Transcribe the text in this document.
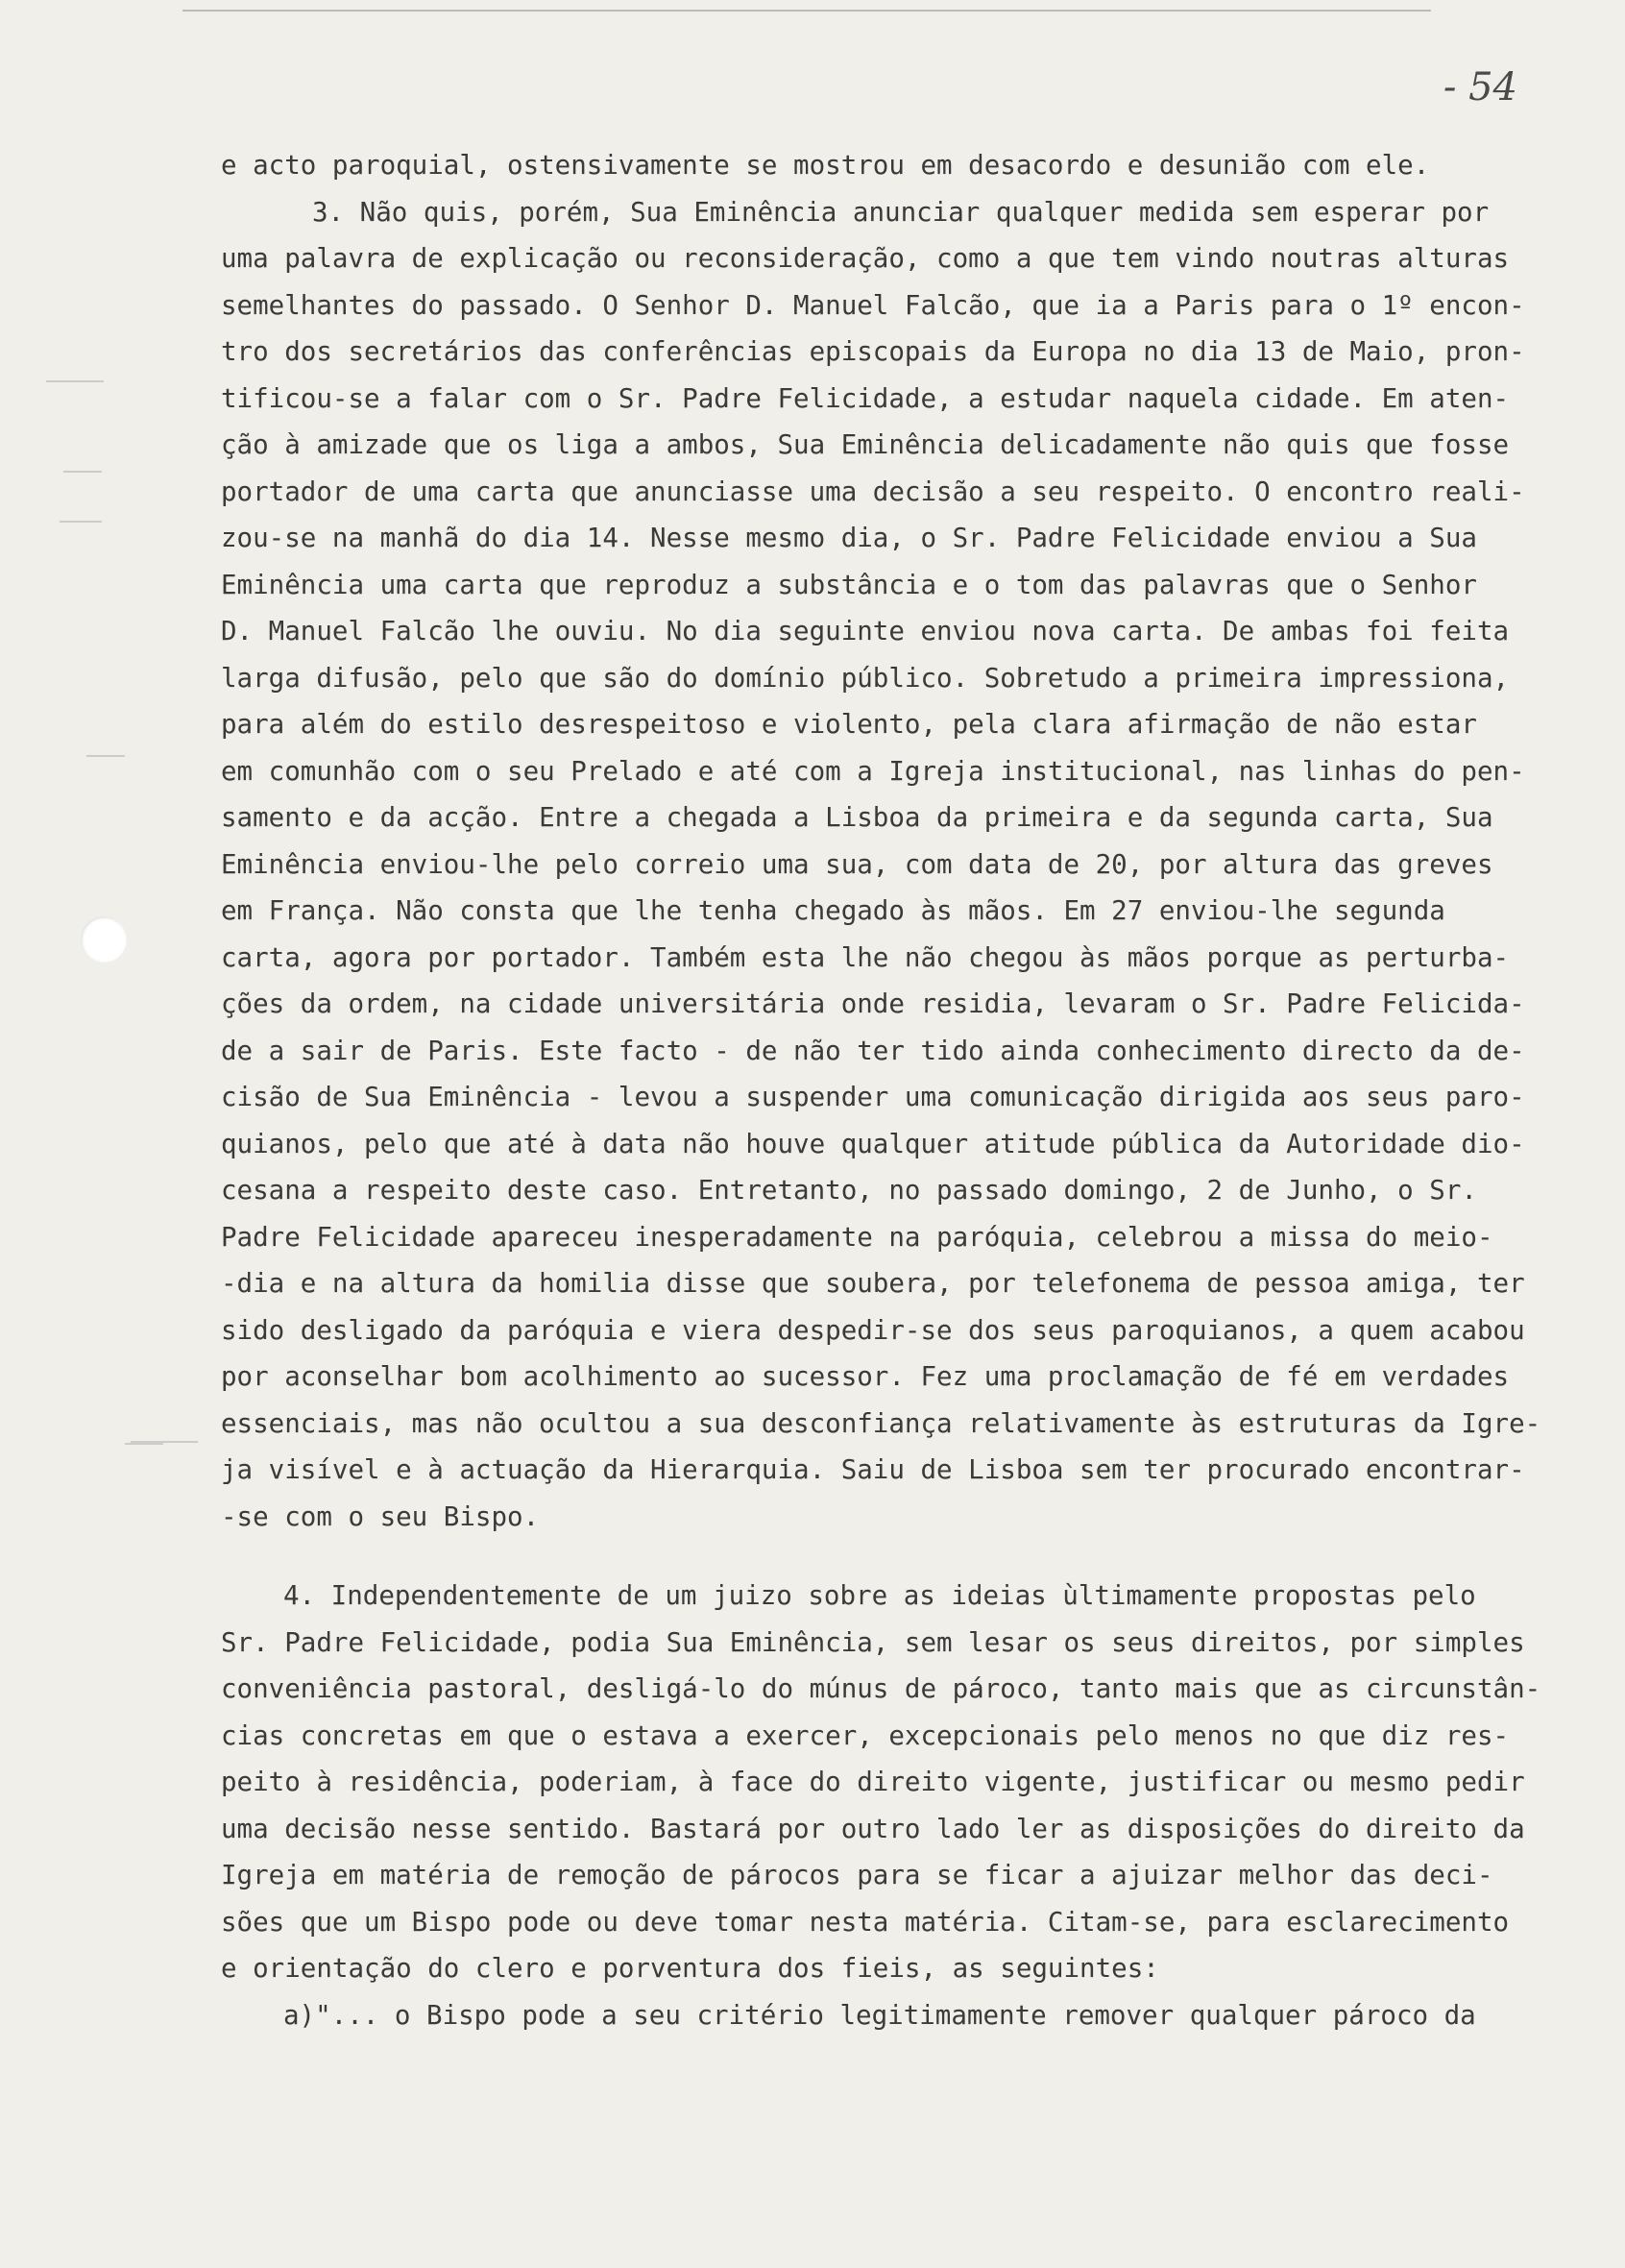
- 54
e acto paroquial, ostensivamente se mostrou em desacordo e desunião com ele.
3. Não quis, porém, Sua Eminência anunciar qualquer medida sem esperar por
uma palavra de explicação ou reconsideração, como a que tem vindo noutras alturas
semelhantes do passado. O Senhor D. Manuel Falcão, que ia a Paris para o 1º encon-
tro dos secretários das conferências episcopais da Europa no dia 13 de Maio, pron-
tificou-se a falar com o Sr. Padre Felicidade, a estudar naquela cidade. Em aten-
ção à amizade que os liga a ambos, Sua Eminência delicadamente não quis que fosse
portador de uma carta que anunciasse uma decisão a seu respeito. O encontro reali-
zou-se na manhã do dia 14. Nesse mesmo dia, o Sr. Padre Felicidade enviou a Sua
Eminência uma carta que reproduz a substância e o tom das palavras que o Senhor
D. Manuel Falcão lhe ouviu. No dia seguinte enviou nova carta. De ambas foi feita
larga difusão, pelo que são do domínio público. Sobretudo a primeira impressiona,
para além do estilo desrespeitoso e violento, pela clara afirmação de não estar
em comunhão com o seu Prelado e até com a Igreja institucional, nas linhas do pen-
samento e da acção. Entre a chegada a Lisboa da primeira e da segunda carta, Sua
Eminência enviou-lhe pelo correio uma sua, com data de 20, por altura das greves
em França. Não consta que lhe tenha chegado às mãos. Em 27 enviou-lhe segunda
carta, agora por portador. Também esta lhe não chegou às mãos porque as perturba-
ções da ordem, na cidade universitária onde residia, levaram o Sr. Padre Felicida-
de a sair de Paris. Este facto - de não ter tido ainda conhecimento directo da de-
cisão de Sua Eminência - levou a suspender uma comunicação dirigida aos seus paro-
quianos, pelo que até à data não houve qualquer atitude pública da Autoridade dio-
cesana a respeito deste caso. Entretanto, no passado domingo, 2 de Junho, o Sr.
Padre Felicidade apareceu inesperadamente na paróquia, celebrou a missa do meio-
-dia e na altura da homilia disse que soubera, por telefonema de pessoa amiga, ter
sido desligado da paróquia e viera despedir-se dos seus paroquianos, a quem acabou
por aconselhar bom acolhimento ao sucessor. Fez uma proclamação de fé em verdades
essenciais, mas não ocultou a sua desconfiança relativamente às estruturas da Igre-
ja visível e à actuação da Hierarquia. Saiu de Lisboa sem ter procurado encontrar-
-se com o seu Bispo.
4. Independentemente de um juizo sobre as ideias ùltimamente propostas pelo
Sr. Padre Felicidade, podia Sua Eminência, sem lesar os seus direitos, por simples
conveniência pastoral, desligá-lo do múnus de pároco, tanto mais que as circunstân-
cias concretas em que o estava a exercer, excepcionais pelo menos no que diz res-
peito à residência, poderiam, à face do direito vigente, justificar ou mesmo pedir
uma decisão nesse sentido. Bastará por outro lado ler as disposições do direito da
Igreja em matéria de remoção de párocos para se ficar a ajuizar melhor das deci-
sões que um Bispo pode ou deve tomar nesta matéria. Citam-se, para esclarecimento
e orientação do clero e porventura dos fieis, as seguintes:
a)"... o Bispo pode a seu critério legitimamente remover qualquer pároco da
